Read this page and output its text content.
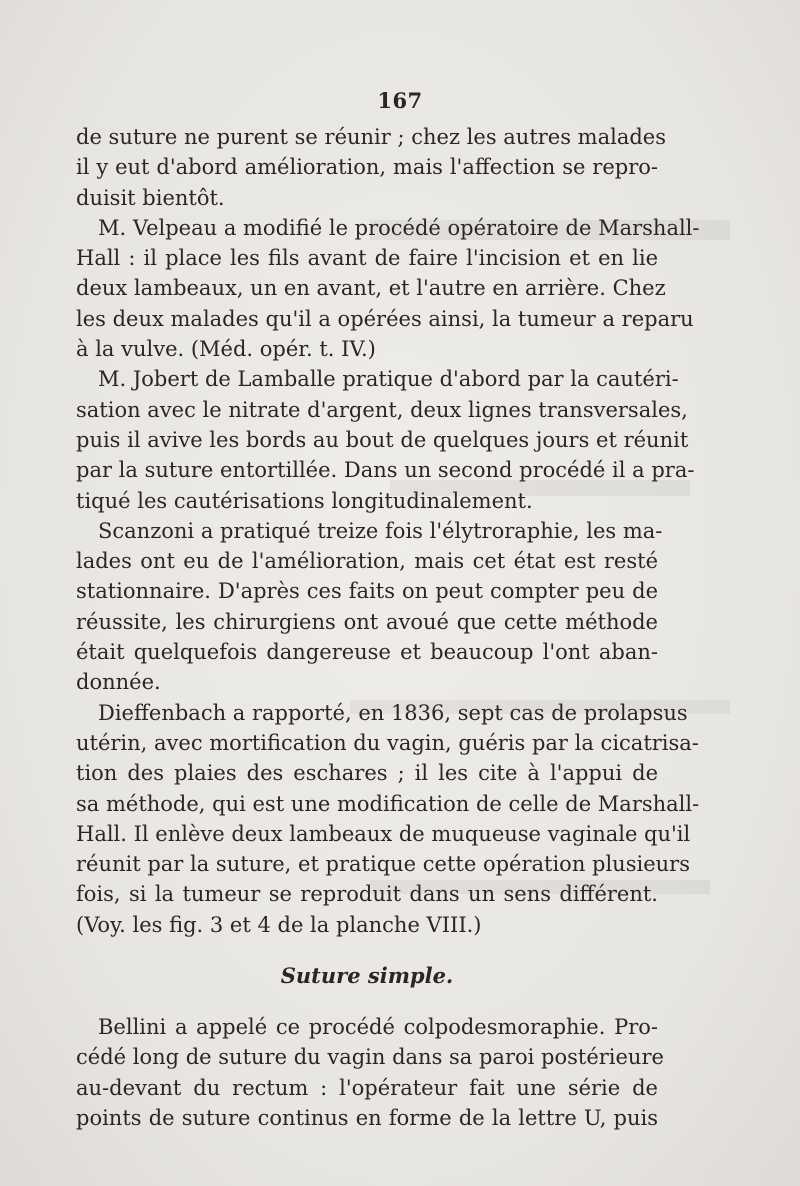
167
de suture ne purent se réunir ; chez les autres malades
il y eut d'abord amélioration, mais l'affection se repro-
duisit bientôt.
M. Velpeau a modifié le procédé opératoire de Marshall-
Hall : il place les fils avant de faire l'incision et en lie
deux lambeaux, un en avant, et l'autre en arrière. Chez
les deux malades qu'il a opérées ainsi, la tumeur a reparu
à la vulve. (Méd. opér. t. IV.)
M. Jobert de Lamballe pratique d'abord par la cautéri-
sation avec le nitrate d'argent, deux lignes transversales,
puis il avive les bords au bout de quelques jours et réunit
par la suture entortillée. Dans un second procédé il a pra-
tiqué les cautérisations longitudinalement.
Scanzoni a pratiqué treize fois l'élytroraphie, les ma-
lades ont eu de l'amélioration, mais cet état est resté
stationnaire. D'après ces faits on peut compter peu de
réussite, les chirurgiens ont avoué que cette méthode
était quelquefois dangereuse et beaucoup l'ont aban-
donnée.
Dieffenbach a rapporté, en 1836, sept cas de prolapsus
utérin, avec mortification du vagin, guéris par la cicatrisa-
tion des plaies des eschares ; il les cite à l'appui de
sa méthode, qui est une modification de celle de Marshall-
Hall. Il enlève deux lambeaux de muqueuse vaginale qu'il
réunit par la suture, et pratique cette opération plusieurs
fois, si la tumeur se reproduit dans un sens différent.
(Voy. les fig. 3 et 4 de la planche VIII.)
Suture simple.
Bellini a appelé ce procédé colpodesmoraphie. Pro-
cédé long de suture du vagin dans sa paroi postérieure
au-devant du rectum : l'opérateur fait une série de
points de suture continus en forme de la lettre U, puis
